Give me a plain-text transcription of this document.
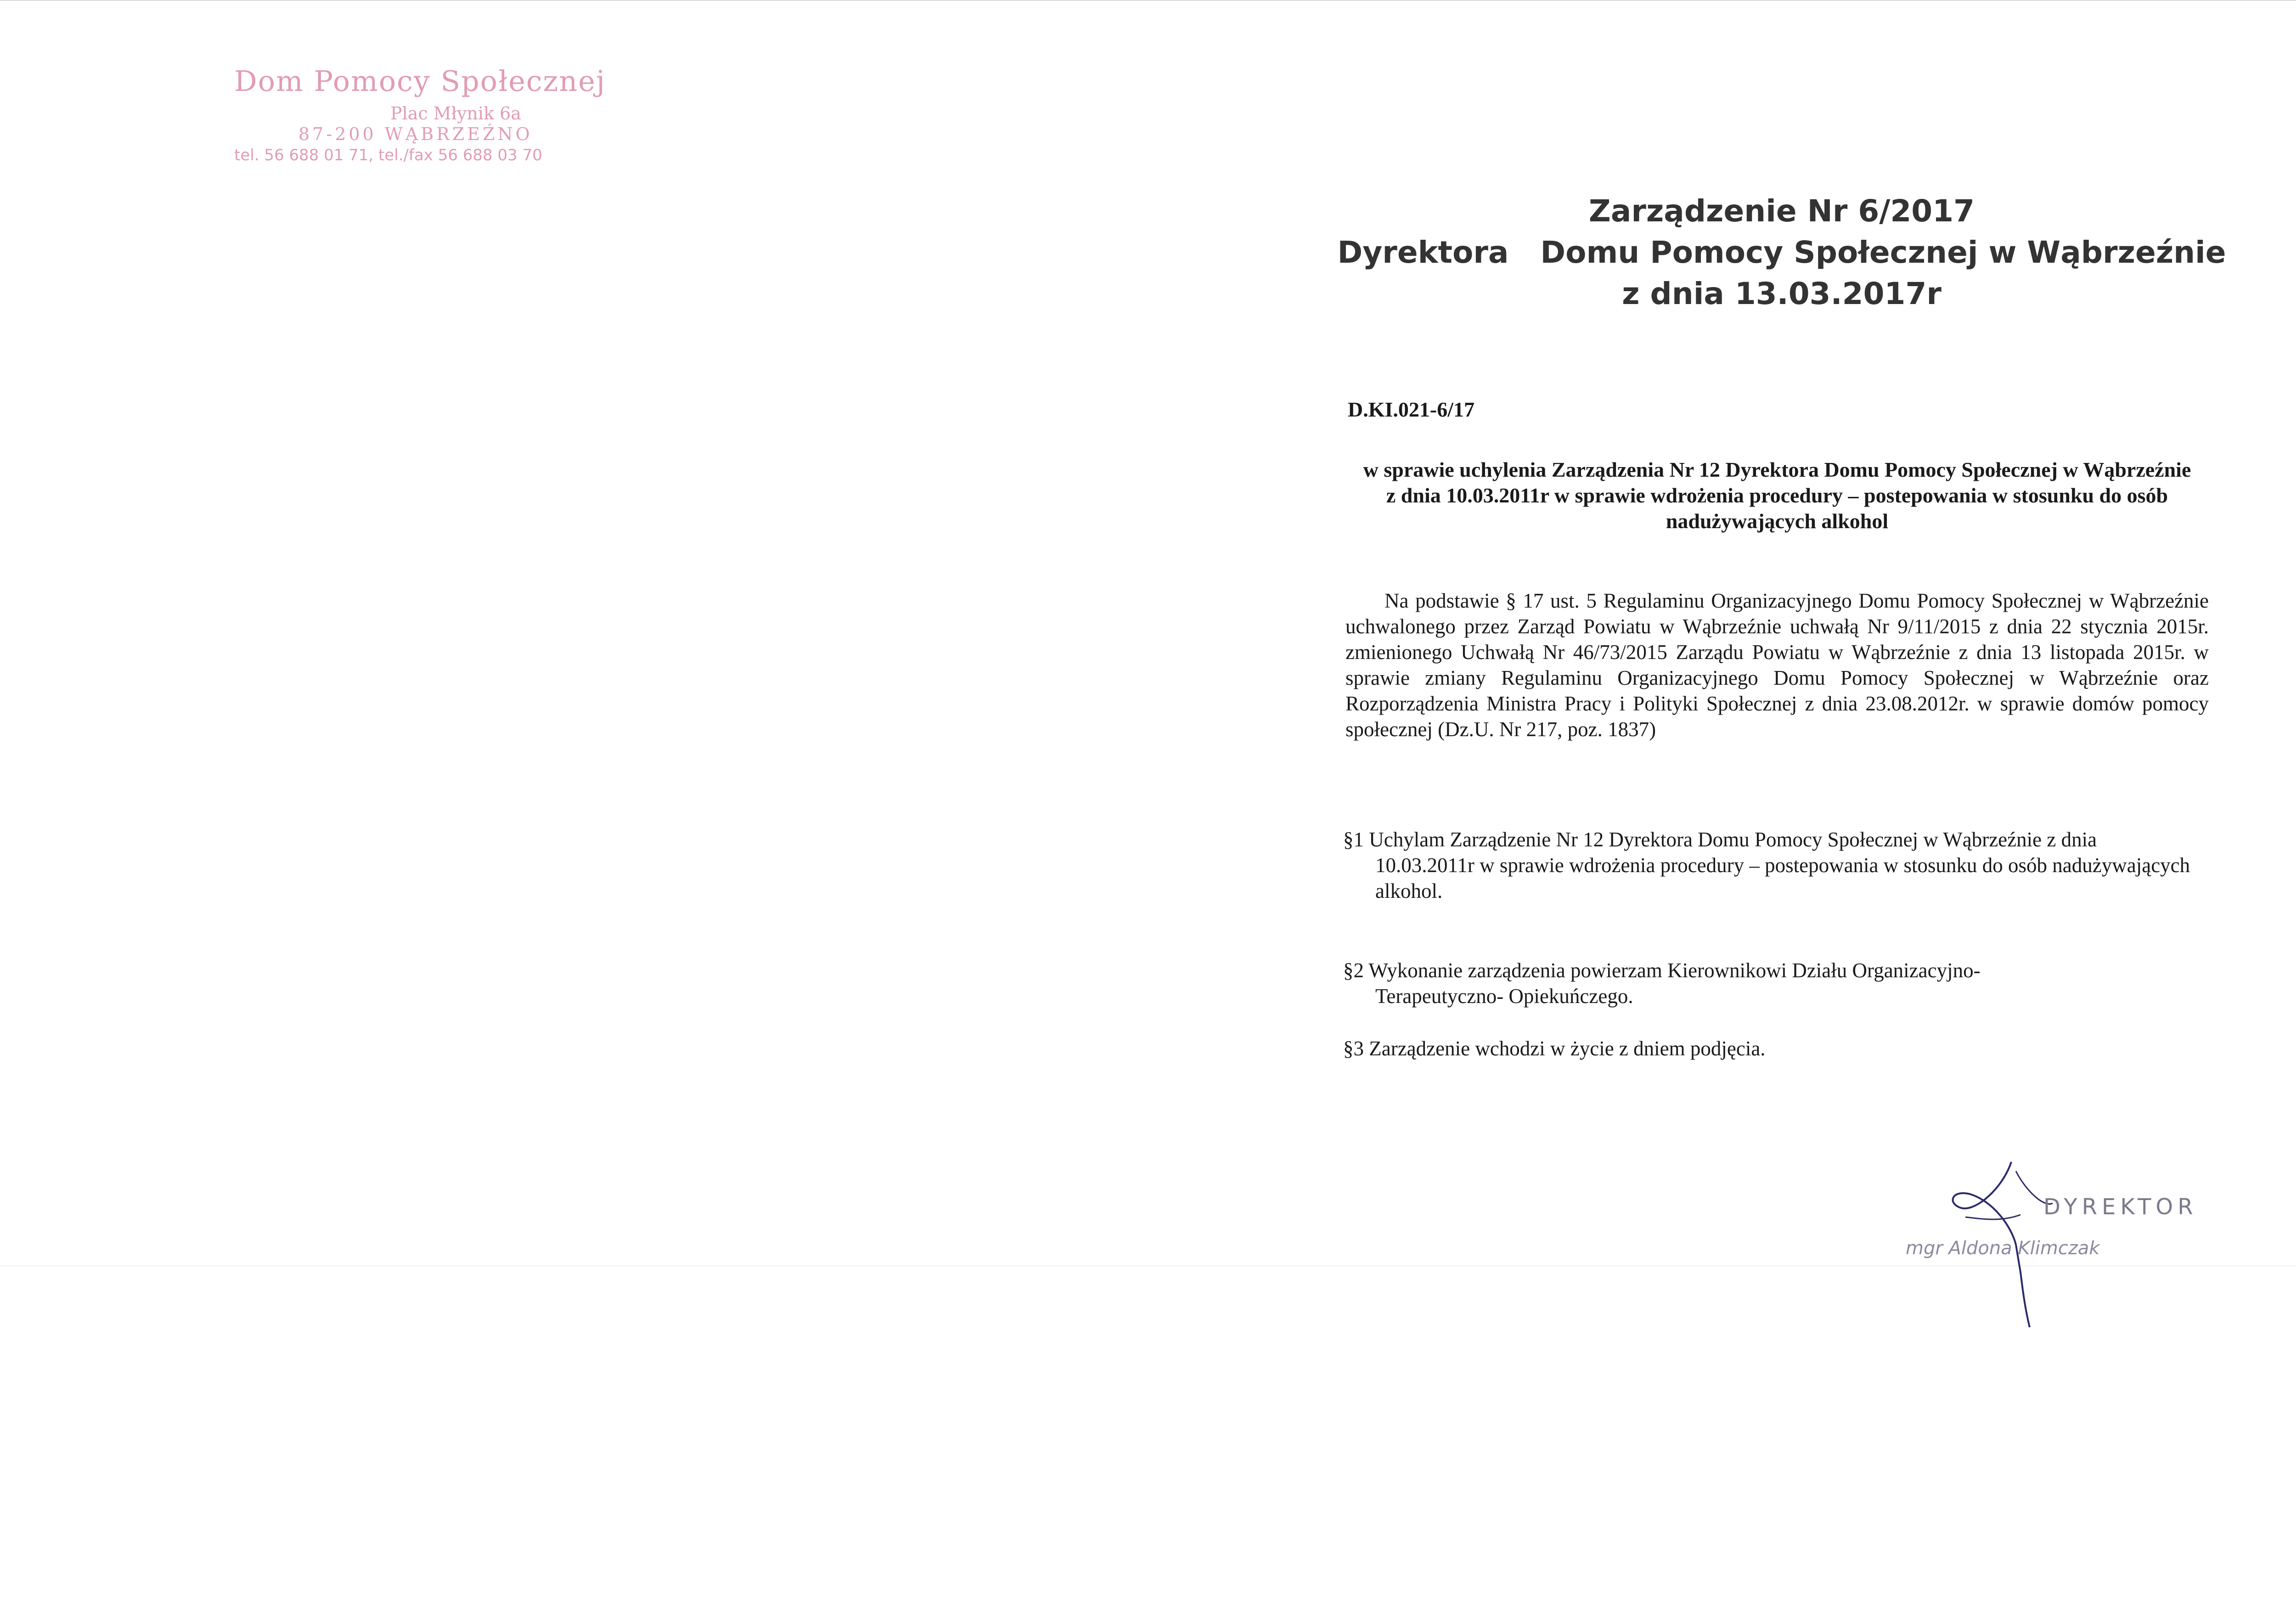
Dom Pomocy Społecznej
Plac Młynik 6a
87-200 WĄBRZEŹNO
tel. 56 688 01 71, tel./fax 56 688 03 70
Zarządzenie Nr 6/2017
Dyrektora   Domu Pomocy Społecznej w Wąbrzeźnie
z dnia 13.03.2017r
D.KI.021-6/17
w sprawie uchylenia Zarządzenia Nr 12 Dyrektora Domu Pomocy Społecznej w Wąbrzeźnie z dnia 10.03.2011r w sprawie wdrożenia procedury – postepowania w stosunku do osób nadużywających alkohol
Na podstawie § 17 ust. 5 Regulaminu Organizacyjnego Domu Pomocy Społecznej w Wąbrzeźnie uchwalonego przez Zarząd Powiatu w Wąbrzeźnie uchwałą Nr 9/11/2015 z dnia 22 stycznia 2015r. zmienionego Uchwałą Nr 46/73/2015 Zarządu Powiatu w Wąbrzeźnie z dnia 13 listopada 2015r. w sprawie zmiany Regulaminu Organizacyjnego Domu Pomocy Społecznej w Wąbrzeźnie oraz Rozporządzenia Ministra Pracy i Polityki Społecznej z dnia 23.08.2012r. w sprawie domów pomocy społecznej (Dz.U. Nr 217, poz. 1837)
§1 Uchylam Zarządzenie Nr 12 Dyrektora Domu Pomocy Społecznej w Wąbrzeźnie z dnia
10.03.2011r w sprawie wdrożenia procedury – postepowania w stosunku do osób nadużywających alkohol.
§2 Wykonanie zarządzenia powierzam Kierownikowi Działu Organizacyjno-
Terapeutyczno- Opiekuńczego.
§3 Zarządzenie wchodzi w życie z dniem podjęcia.
DYREKTOR
mgr Aldona Klimczak
